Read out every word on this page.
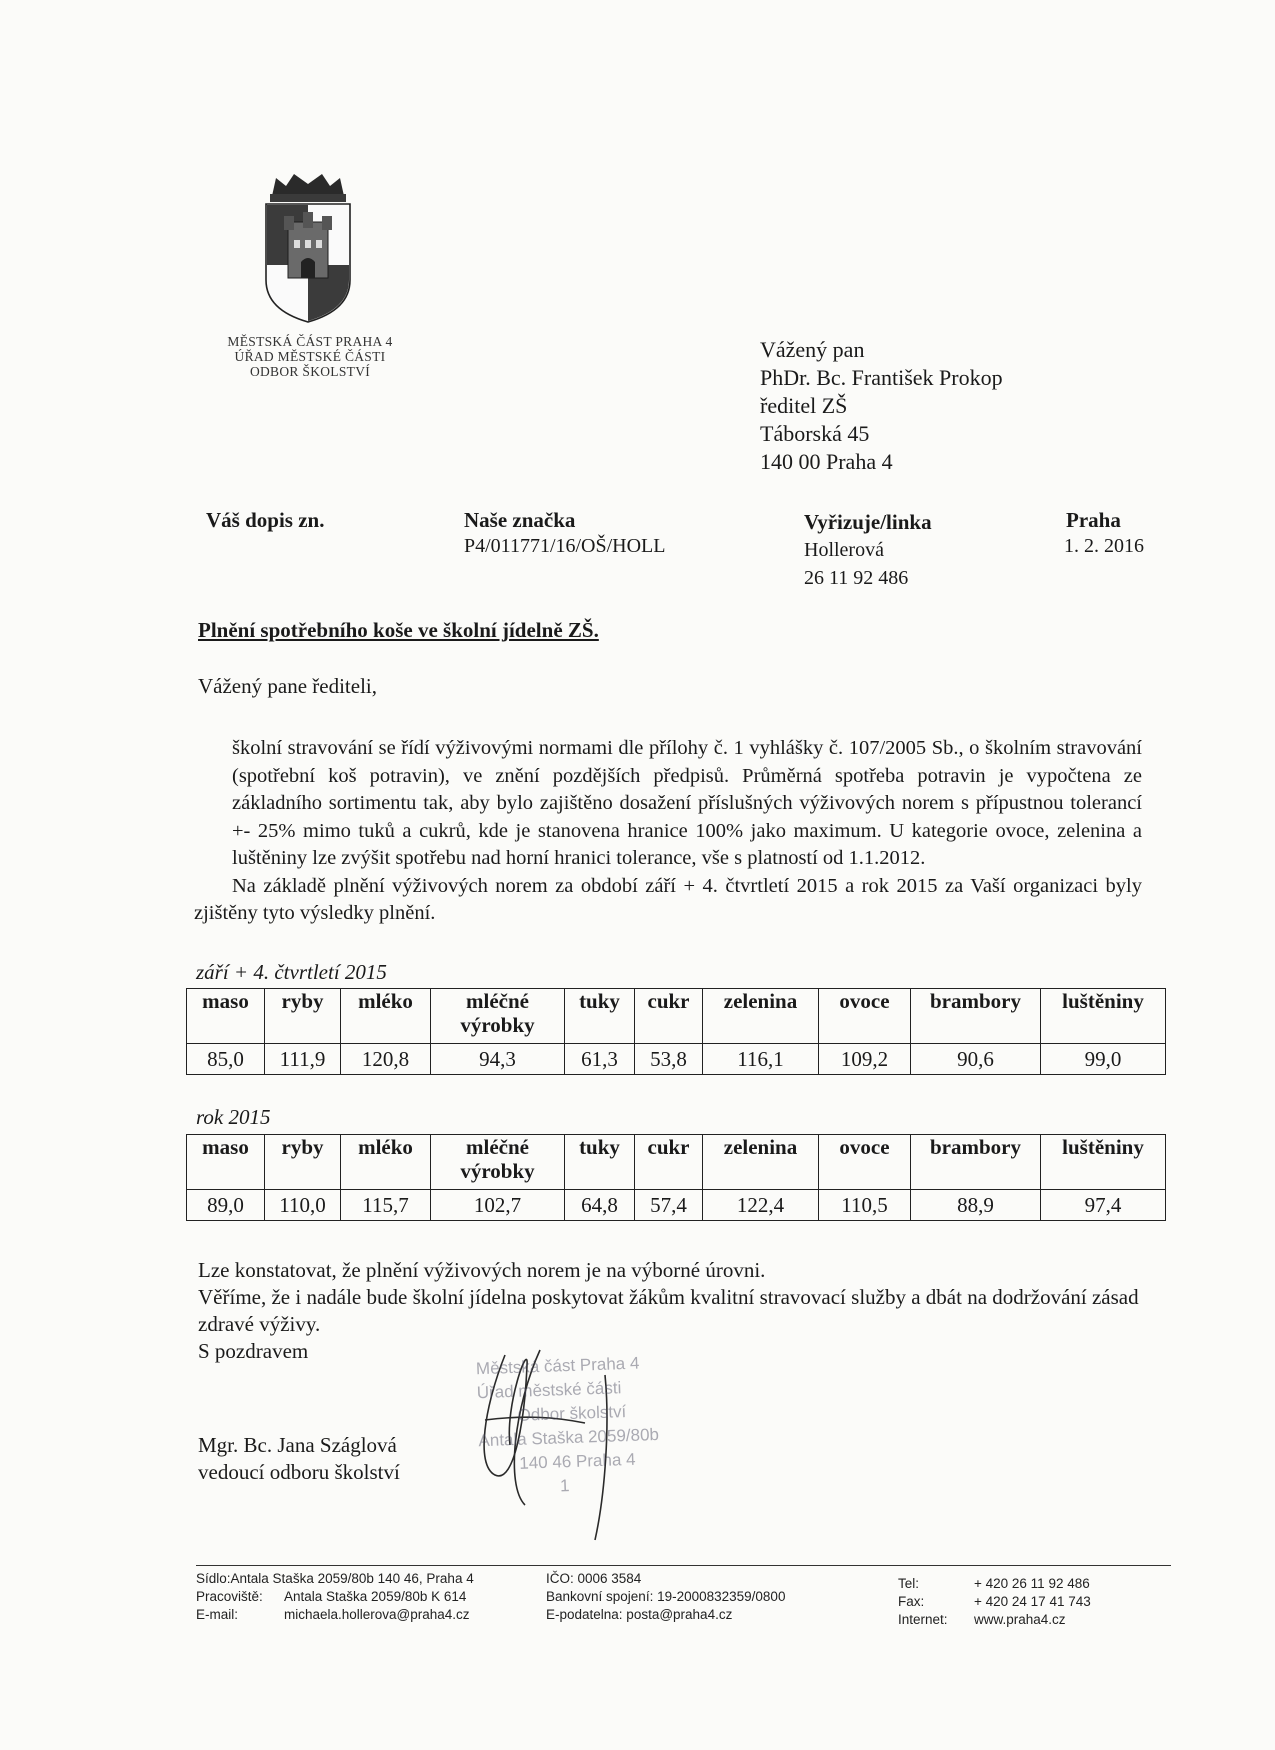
MĚSTSKÁ ČÁST PRAHA 4
ÚŘAD MĚSTSKÉ ČÁSTI
ODBOR ŠKOLSTVÍ
Vážený pan
PhDr. Bc. František Prokop
ředitel ZŠ
Táborská 45
140 00 Praha 4
Váš dopis zn.	Naše značka
P4/011771/16/OŠ/HOLL
Vyřizuje/linka
Hollerová
26 11 92 486
Praha
1. 2. 2016
Plnění spotřebního koše ve školní jídelně ZŠ.
Vážený pane řediteli,

školní stravování se řídí výživovými normami dle přílohy č. 1 vyhlášky č. 107/2005 Sb., o školním stravování (spotřební koš potravin), ve znění pozdějších předpisů. Průměrná spotřeba potravin je vypočtena ze základního sortimentu tak, aby bylo zajištěno dosažení příslušných výživových norem s přípustnou tolerancí +- 25% mimo tuků a cukrů, kde je stanovena hranice 100% jako maximum. U kategorie ovoce, zelenina a luštěniny lze zvýšit spotřebu nad horní hranici tolerance, vše s platností od 1.1.2012.

Na základě plnění výživových norem za období září + 4. čtvrtletí 2015 a rok 2015 za Vaší organizaci byly zjištěny tyto výsledky plnění.

září + 4. čtvrtletí 2015
maso	ryby	mléko	mléčné výrobky	tuky	cukr	zelenina	ovoce	brambory	luštěniny
85,0	111,9	120,8	94,3	61,3	53,8	116,1	109,2	90,6	99,0
rok 2015
maso	ryby	mléko	mléčné výrobky	tuky	cukr	zelenina	ovoce	brambory	luštěniny
89,0	110,0	115,7	102,7	64,8	57,4	122,4	110,5	88,9	97,4
Lze konstatovat, že plnění výživových norem je na výborné úrovni.
Věříme, že i nadále bude školní jídelna poskytovat žákům kvalitní stravovací služby a dbát na dodržování zásad zdravé výživy.
S pozdravem
Městská část Praha 4
Úřad městské části
Odbor školství
Antala Staška 2059/80b
140 46 Praha 4
1
Mgr. Bc. Jana Száglová
vedoucí odboru školství
Sídlo:Antala Staška 2059/80b 140 46, Praha 4
Pracoviště: Antala Staška 2059/80b K 614
E-mail:	michaela.hollerova@praha4.cz
IČO: 0006 3584
Bankovní spojení: 19-2000832359/0800
E-podatelna: posta@praha4.cz
Tel:	+ 420 26 11 92 486
Fax:	+ 420 24 17 41 743
Internet: www.praha4.cz
